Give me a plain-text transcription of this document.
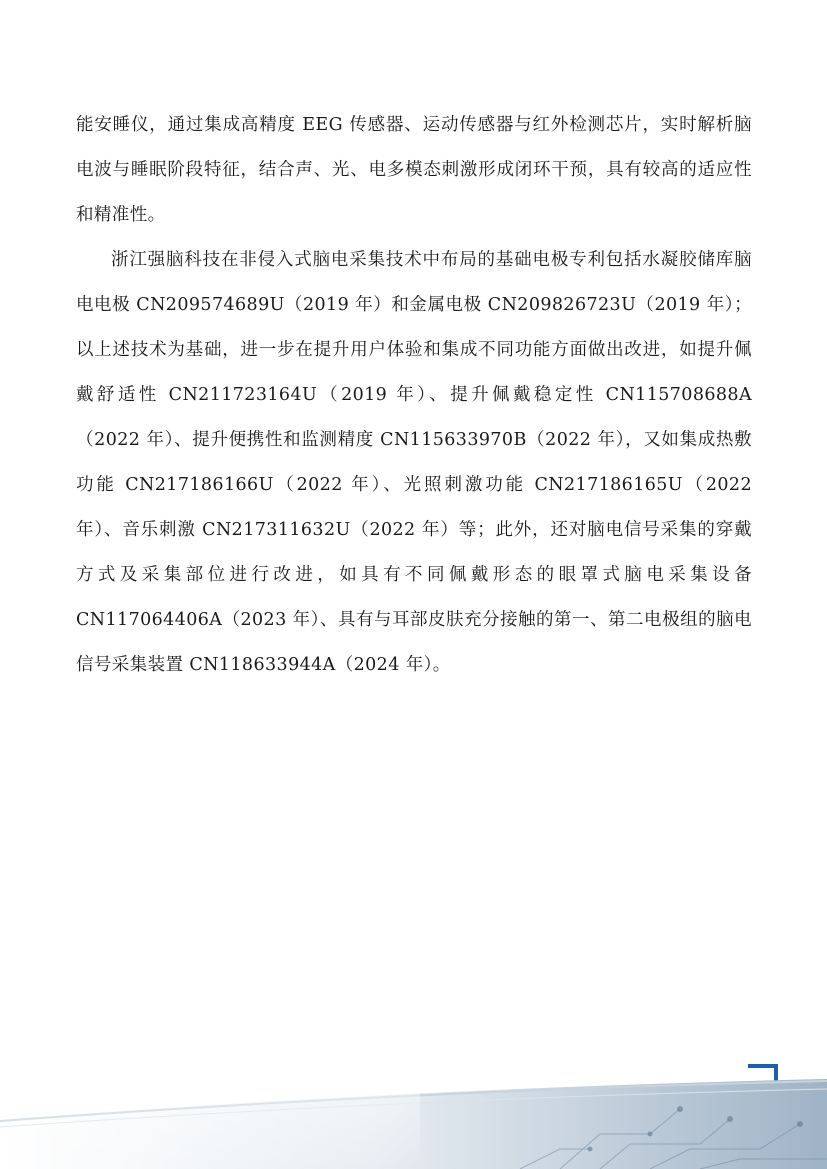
能安睡仪，通过集成高精度 EEG 传感器、运动传感器与红外检测芯片，实时解析脑电波与睡眠阶段特征，结合声、光、电多模态刺激形成闭环干预，具有较高的适应性和精准性。

浙江强脑科技在非侵入式脑电采集技术中布局的基础电极专利包括水凝胶储库脑电电极 CN209574689U（2019 年）和金属电极 CN209826723U（2019 年）；以上述技术为基础，进一步在提升用户体验和集成不同功能方面做出改进，如提升佩戴舒适性 CN211723164U（2019 年）、提升佩戴稳定性 CN115708688A（2022 年）、提升便携性和监测精度 CN115633970B（2022 年），又如集成热敷功能 CN217186166U（2022 年）、光照刺激功能 CN217186165U（2022 年）、音乐刺激 CN217311632U（2022 年）等；此外，还对脑电信号采集的穿戴方式及采集部位进行改进，如具有不同佩戴形态的眼罩式脑电采集设备 CN117064406A（2023 年）、具有与耳部皮肤充分接触的第一、第二电极组的脑电信号采集装置 CN118633944A（2024 年）。
